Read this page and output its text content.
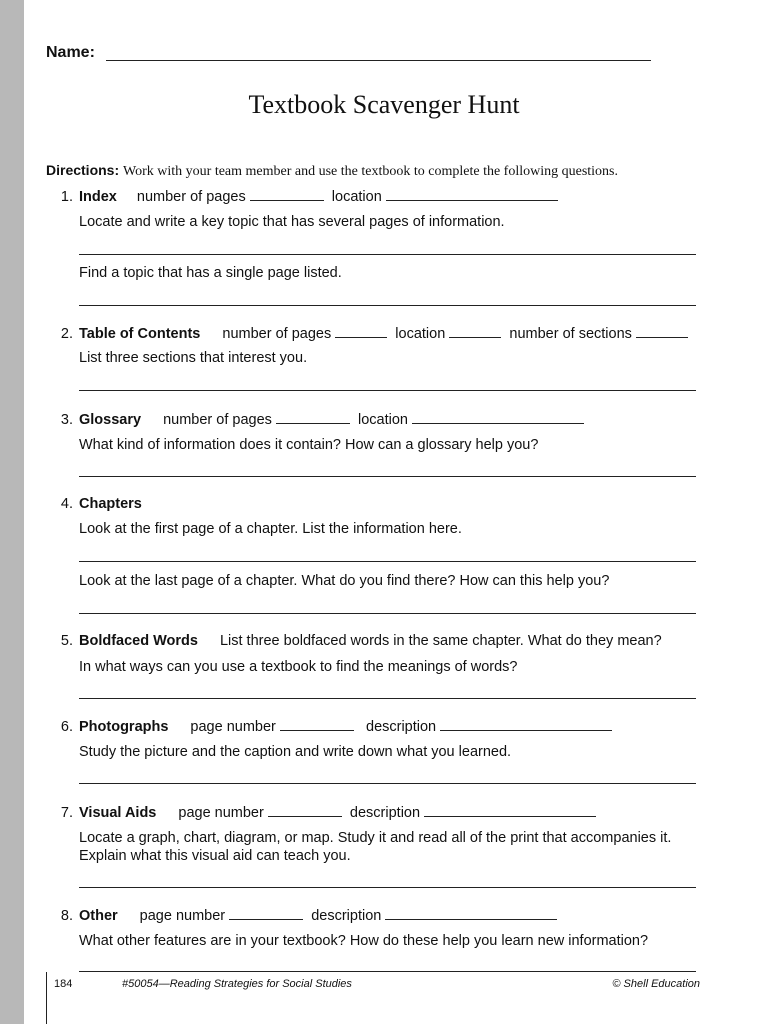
Name:
Textbook Scavenger Hunt
Directions: Work with your team member and use the textbook to complete the following questions.
1. Index number of pages	location
Locate and write a key topic that has several pages of information.
Find a topic that has a single page listed.
2. Table of Contents number of pages	location	number of sections
List three sections that interest you.
3. Glossary number of pages	location
What kind of information does it contain? How can a glossary help you?
4. Chapters
Look at the first page of a chapter. List the information here.
Look at the last page of a chapter. What do you find there? How can this help you?
5. Boldfaced Words List three boldfaced words in the same chapter. What do they mean?
In what ways can you use a textbook to find the meanings of words?
6. Photographs page number	description
Study the picture and the caption and write down what you learned.
7. Visual Aids page number	description
Locate a graph, chart, diagram, or map. Study it and read all of the print that accompanies it.
Explain what this visual aid can teach you.
8. Other page number	description
What other features are in your textbook? How do these help you learn new information?
184	#50054—Reading Strategies for Social Studies	© Shell Education
